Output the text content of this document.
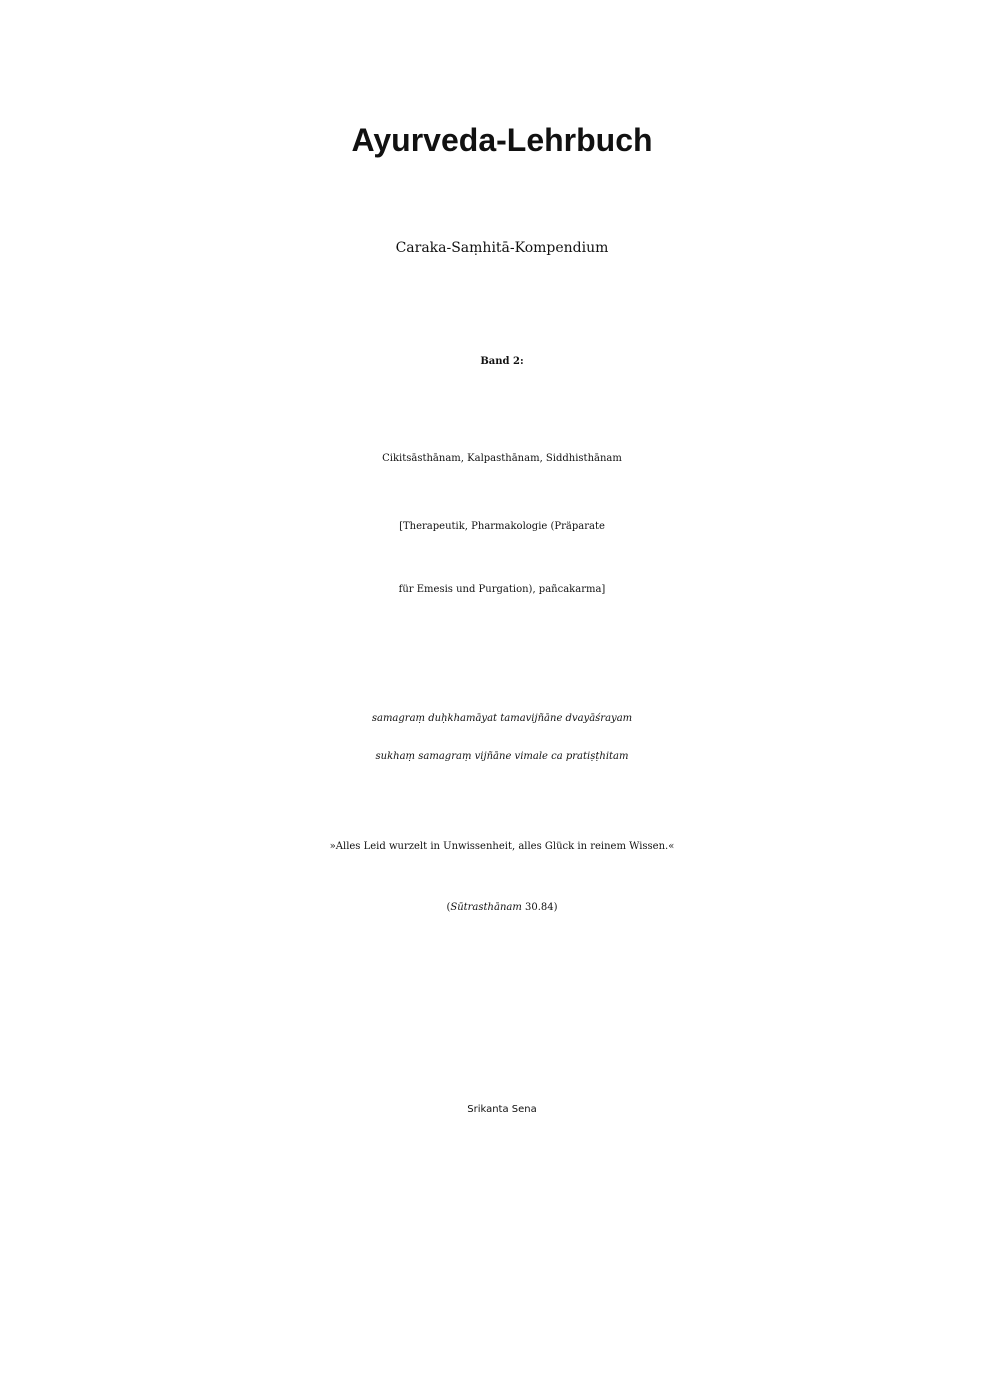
Ayurveda-Lehrbuch
Caraka-Saṃhitā-Kompendium
Band 2:
Cikitsāsthānam, Kalpasthānam, Siddhisthānam
[Therapeutik, Pharmakologie (Präparate
für Emesis und Purgation), pañcakarma]
samagraṃ duḥkhamāyat tamavijñāne dvayāśrayam
sukhaṃ samagraṃ vijñāne vimale ca pratiṣṭhitam
»Alles Leid wurzelt in Unwissenheit, alles Glück in reinem Wissen.«
(Sūtrasthānam 30.84)
Srikanta Sena
